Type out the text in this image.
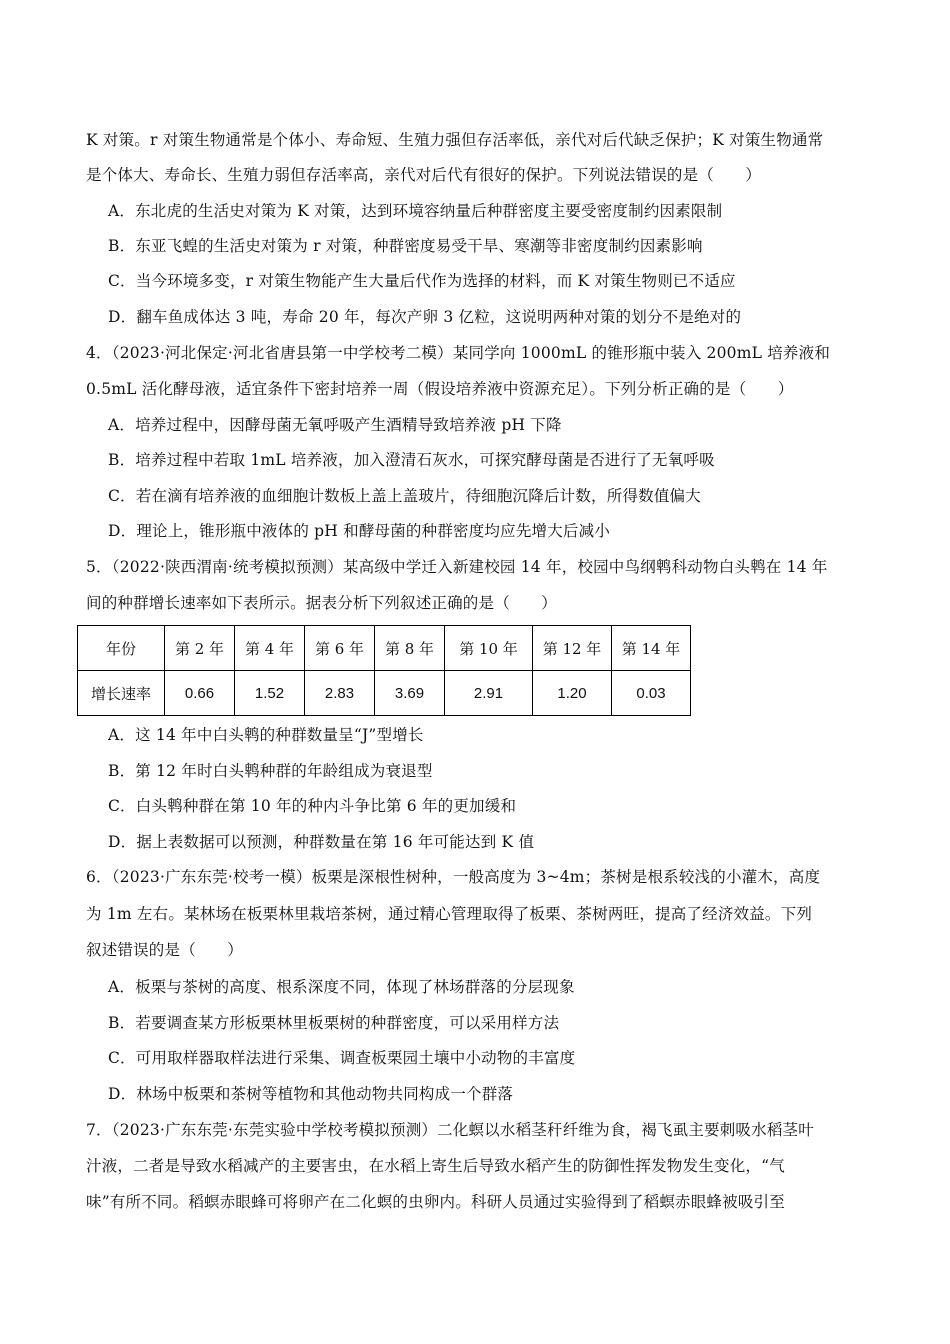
K 对策。r 对策生物通常是个体小、寿命短、生殖力强但存活率低，亲代对后代缺乏保护；K 对策生物通常
是个体大、寿命长、生殖力弱但存活率高，亲代对后代有很好的保护。下列说法错误的是（　　）
A．东北虎的生活史对策为 K 对策，达到环境容纳量后种群密度主要受密度制约因素限制
B．东亚飞蝗的生活史对策为 r 对策，种群密度易受干旱、寒潮等非密度制约因素影响
C．当今环境多变，r 对策生物能产生大量后代作为选择的材料，而 K 对策生物则已不适应
D．翻车鱼成体达 3 吨，寿命 20 年，每次产卵 3 亿粒，这说明两种对策的划分不是绝对的
4．（2023·河北保定·河北省唐县第一中学校考二模）某同学向 1000mL 的锥形瓶中装入 200mL 培养液和
0.5mL 活化酵母液，适宜条件下密封培养一周（假设培养液中资源充足）。下列分析正确的是（　　）
A．培养过程中，因酵母菌无氧呼吸产生酒精导致培养液 pH 下降
B．培养过程中若取 1mL 培养液，加入澄清石灰水，可探究酵母菌是否进行了无氧呼吸
C．若在滴有培养液的血细胞计数板上盖上盖玻片，待细胞沉降后计数，所得数值偏大
D．理论上，锥形瓶中液体的 pH 和酵母菌的种群密度均应先增大后减小
5．（2022·陕西渭南·统考模拟预测）某高级中学迁入新建校园 14 年，校园中鸟纲鹎科动物白头鹎在 14 年
间的种群增长速率如下表所示。据表分析下列叙述正确的是（　　）
年份	第 2 年	第 4 年	第 6 年	第 8 年	第 10 年	第 12 年	第 14 年
增长速率	0.66	1.52	2.83	3.69	2.91	1.20	0.03
A．这 14 年中白头鹎的种群数量呈“J”型增长
B．第 12 年时白头鹎种群的年龄组成为衰退型
C．白头鹎种群在第 10 年的种内斗争比第 6 年的更加缓和
D．据上表数据可以预测，种群数量在第 16 年可能达到 K 值
6．（2023·广东东莞·校考一模）板栗是深根性树种，一般高度为 3~4m；茶树是根系较浅的小灌木，高度
为 1m 左右。某林场在板栗林里栽培茶树，通过精心管理取得了板栗、茶树两旺，提高了经济效益。下列
叙述错误的是（　　）
A．板栗与茶树的高度、根系深度不同，体现了林场群落的分层现象
B．若要调查某方形板栗林里板栗树的种群密度，可以采用样方法
C．可用取样器取样法进行采集、调查板栗园土壤中小动物的丰富度
D．林场中板栗和茶树等植物和其他动物共同构成一个群落
7．（2023·广东东莞·东莞实验中学校考模拟预测）二化螟以水稻茎秆纤维为食，褐飞虱主要刺吸水稻茎叶
汁液，二者是导致水稻减产的主要害虫，在水稻上寄生后导致水稻产生的防御性挥发物发生变化，“气
味”有所不同。稻螟赤眼蜂可将卵产在二化螟的虫卵内。科研人员通过实验得到了稻螟赤眼蜂被吸引至
